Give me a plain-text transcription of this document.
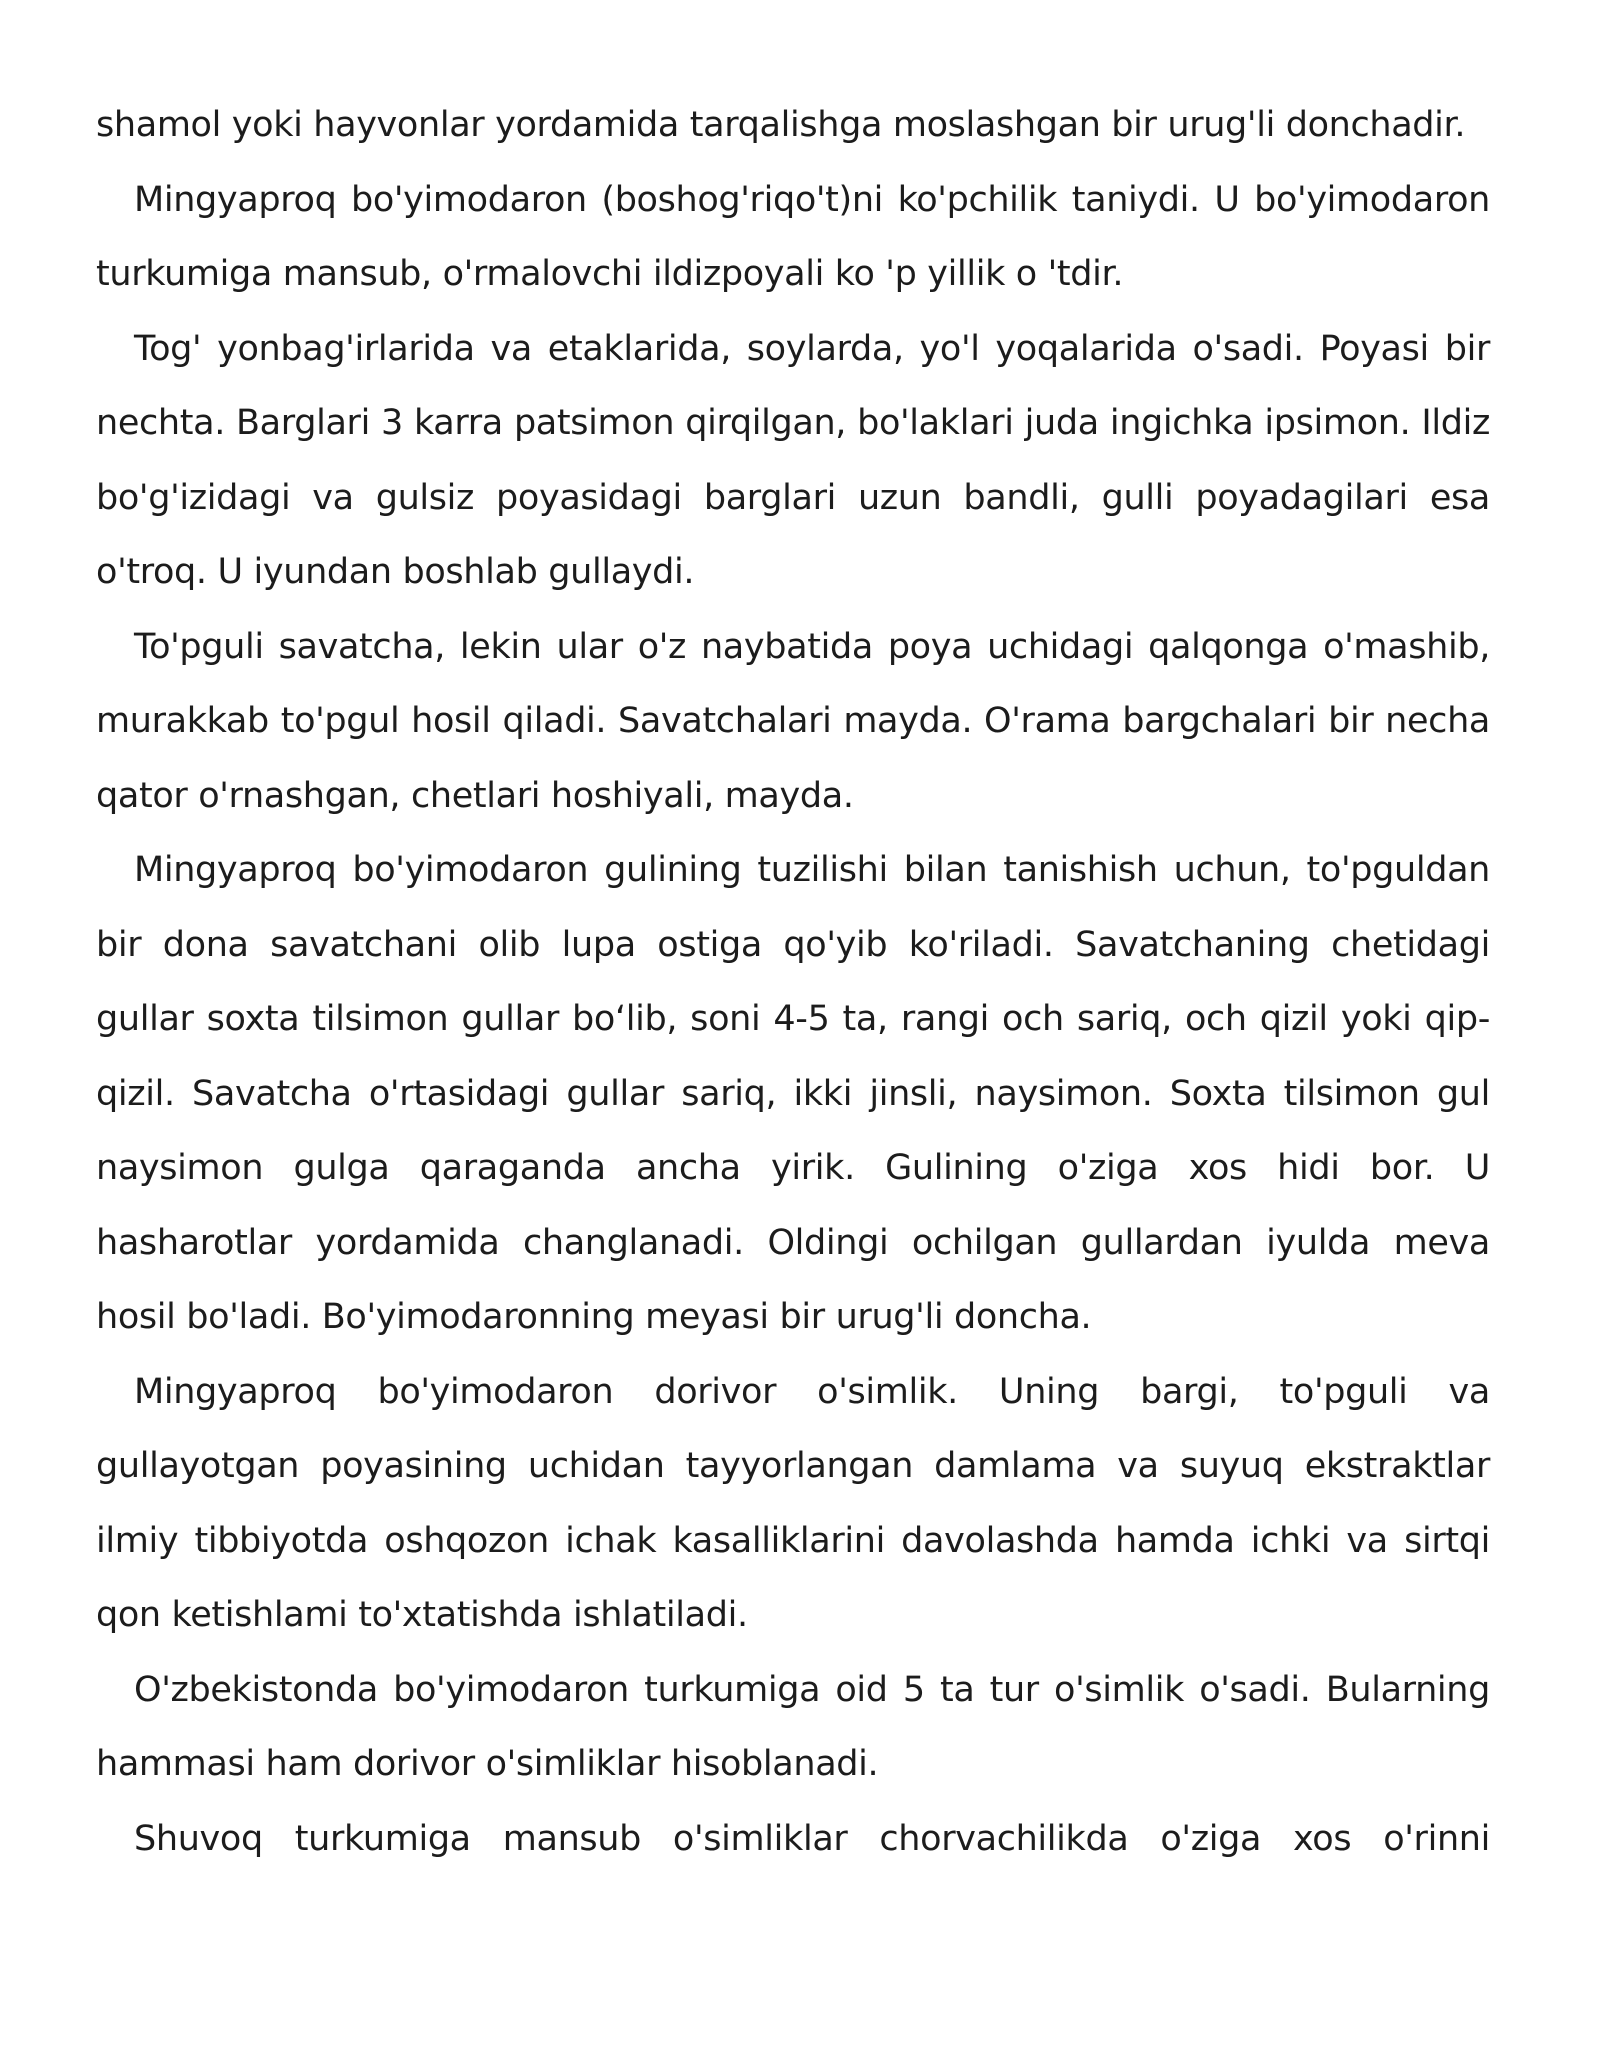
shamol yoki hayvonlar yordamida tarqalishga moslashgan bir urug'li donchadir.

Mingyaproq bo'yimodaron (boshog'riqo't)ni ko'pchilik taniydi. U bo'yimodaron turkumiga mansub, o'rmalovchi ildizpoyali ko 'p yillik o 'tdir.

Tog' yonbag'irlarida va etaklarida, soylarda, yo'l yoqalarida o'sadi. Poyasi bir nechta. Barglari 3 karra patsimon qirqilgan, bo'laklari juda ingichka ipsimon. Ildiz bo'g'izidagi va gulsiz poyasidagi barglari uzun bandli, gulli poyadagilari esa o'troq. U iyundan boshlab gullaydi.

To'pguli savatcha, lekin ular o'z naybatida poya uchidagi qalqonga o'mashib, murakkab to'pgul hosil qiladi. Savatchalari mayda. O'rama bargchalari bir necha qator o'rnashgan, chetlari hoshiyali, mayda.

Mingyaproq bo'yimodaron gulining tuzilishi bilan tanishish uchun, to'pguldan bir dona savatchani olib lupa ostiga qo'yib ko'riladi. Savatchaning chetidagi gullar soxta tilsimon gullar bo‘lib, soni 4-5 ta, rangi och sariq, och qizil yoki qip-qizil. Savatcha o'rtasidagi gullar sariq, ikki jinsli, naysimon. Soxta tilsimon gul naysimon gulga qaraganda ancha yirik. Gulining o'ziga xos hidi bor. U hasharotlar yordamida changlanadi. Oldingi ochilgan gullardan iyulda meva hosil bo'ladi. Bo'yimodaronning meyasi bir urug'li doncha.

Mingyaproq bo'yimodaron dorivor o'simlik. Uning bargi, to'pguli va gullayotgan poyasining uchidan tayyorlangan damlama va suyuq ekstraktlar ilmiy tibbiyotda oshqozon ichak kasalliklarini davolashda hamda ichki va sirtqi qon ketishlami to'xtatishda ishlatiladi.

O'zbekistonda bo'yimodaron turkumiga oid 5 ta tur o'simlik o'sadi. Bularning hammasi ham dorivor o'simliklar hisoblanadi.

Shuvoq turkumiga mansub o'simliklar chorvachilikda o'ziga xos o'rinni
